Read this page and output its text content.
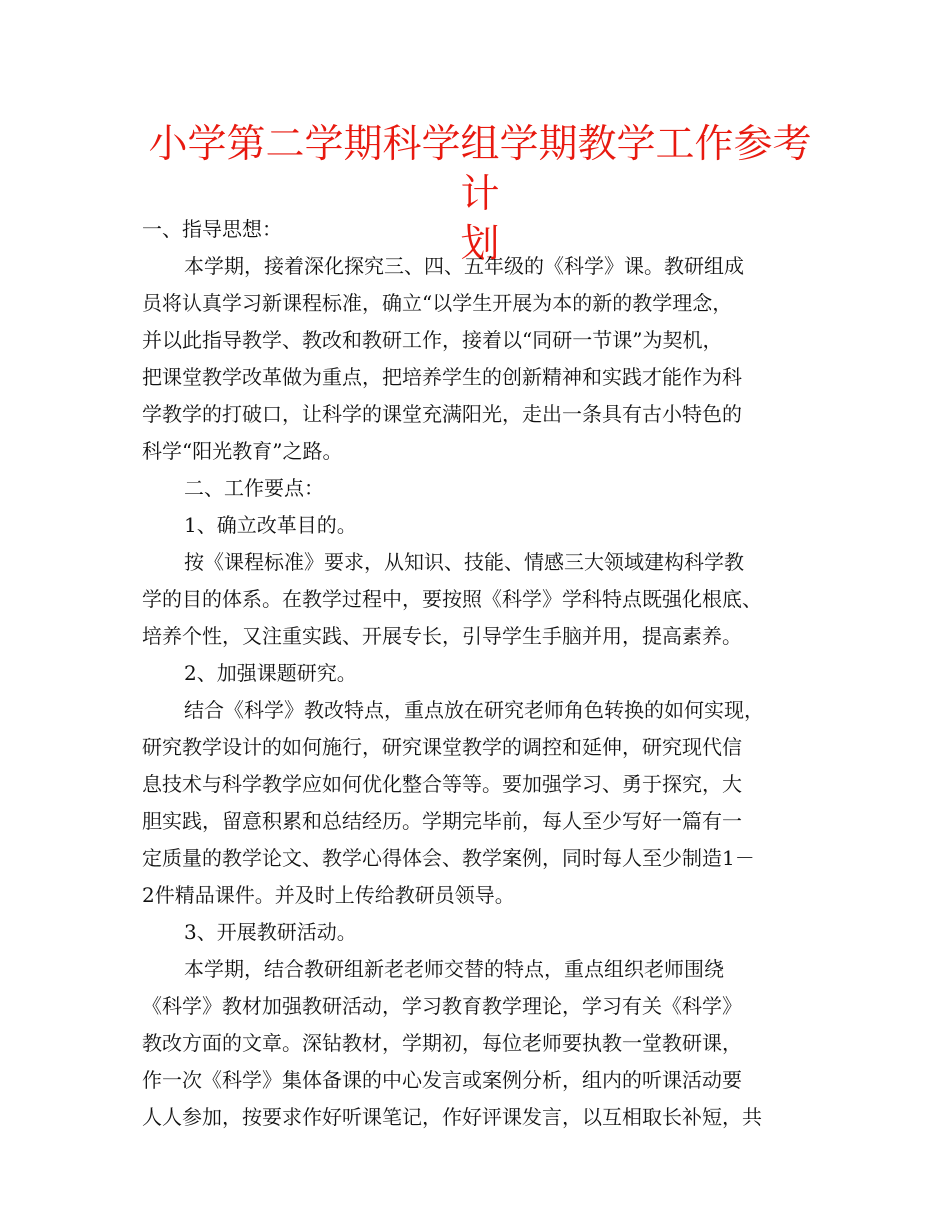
小学第二学期科学组学期教学工作参考计
划

一、指导思想：

本学期，接着深化探究三、四、五年级的《科学》课。教研组成

员将认真学习新课程标准，确立“以学生开展为本的新的教学理念，

并以此指导教学、教改和教研工作，接着以“同研一节课”为契机，

把课堂教学改革做为重点，把培养学生的创新精神和实践才能作为科

学教学的打破口，让科学的课堂充满阳光，走出一条具有古小特色的

科学“阳光教育”之路。

二、工作要点：

1、确立改革目的。

按《课程标准》要求，从知识、技能、情感三大领域建构科学教

学的目的体系。在教学过程中，要按照《科学》学科特点既强化根底、

培养个性，又注重实践、开展专长，引导学生手脑并用，提高素养。

2、加强课题研究。

结合《科学》教改特点，重点放在研究老师角色转换的如何实现，

研究教学设计的如何施行，研究课堂教学的调控和延伸，研究现代信

息技术与科学教学应如何优化整合等等。要加强学习、勇于探究，大

胆实践，留意积累和总结经历。学期完毕前，每人至少写好一篇有一

定质量的教学论文、教学心得体会、教学案例，同时每人至少制造1－

2件精品课件。并及时上传给教研员领导。

3、开展教研活动。

本学期，结合教研组新老老师交替的特点，重点组织老师围绕

《科学》教材加强教研活动，学习教育教学理论，学习有关《科学》

教改方面的文章。深钻教材，学期初，每位老师要执教一堂教研课，

作一次《科学》集体备课的中心发言或案例分析，组内的听课活动要

人人参加，按要求作好听课笔记，作好评课发言，以互相取长补短，共
